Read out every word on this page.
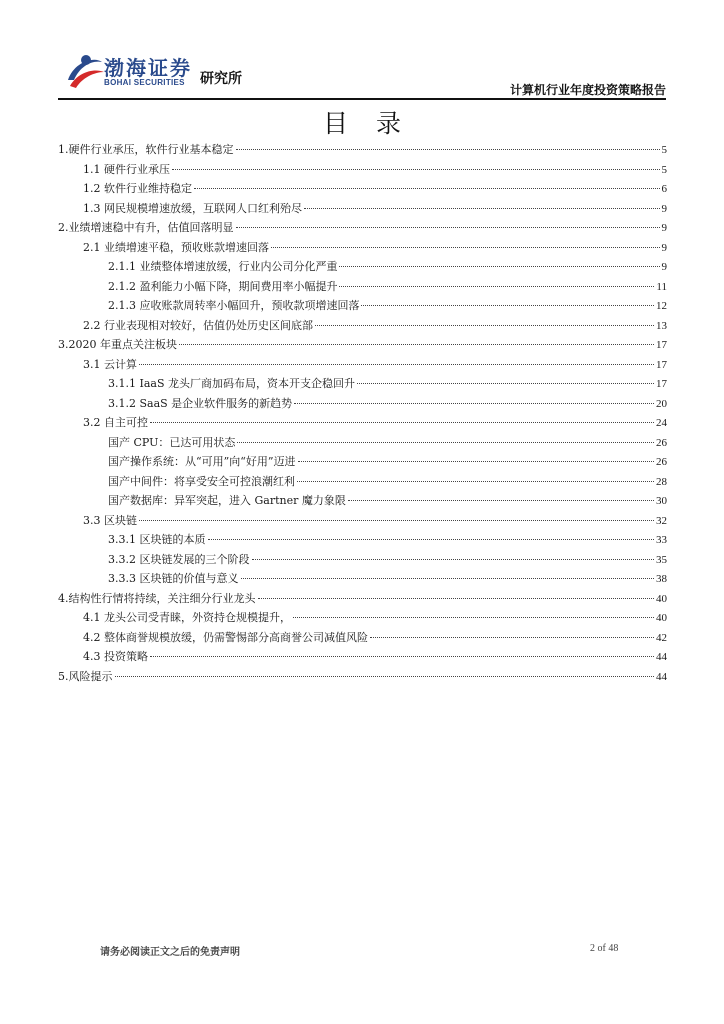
渤海证券
BOHAI SECURITIES 研究所
计算机行业年度投资策略报告
目录
1.硬件行业承压，软件行业基本稳定	5
1.1 硬件行业承压	5
1.2 软件行业维持稳定	6
1.3 网民规模增速放缓，互联网人口红利殆尽	9
2.业绩增速稳中有升，估值回落明显	9
2.1 业绩增速平稳，预收账款增速回落	9
2.1.1 业绩整体增速放缓，行业内公司分化严重	9
2.1.2 盈利能力小幅下降，期间费用率小幅提升	11
2.1.3 应收账款周转率小幅回升，预收款项增速回落	12
2.2 行业表现相对较好，估值仍处历史区间底部	13
3.2020 年重点关注板块	17
3.1 云计算	17
3.1.1 IaaS 龙头厂商加码布局，资本开支企稳回升	17
3.1.2 SaaS 是企业软件服务的新趋势	20
3.2 自主可控	24
国产 CPU：已达可用状态	26
国产操作系统：从“可用”向“好用”迈进	26
国产中间件：将享受安全可控浪潮红利	28
国产数据库：异军突起，进入 Gartner 魔力象限	30
3.3 区块链	32
3.3.1 区块链的本质	33
3.3.2 区块链发展的三个阶段	35
3.3.3 区块链的价值与意义	38
4.结构性行情将持续，关注细分行业龙头	40
4.1 龙头公司受青睐，外资持仓规模提升，	40
4.2 整体商誉规模放缓，仍需警惕部分高商誉公司减值风险	42
4.3 投资策略	44
5.风险提示	44
请务必阅读正文之后的免责声明	2 of 48
